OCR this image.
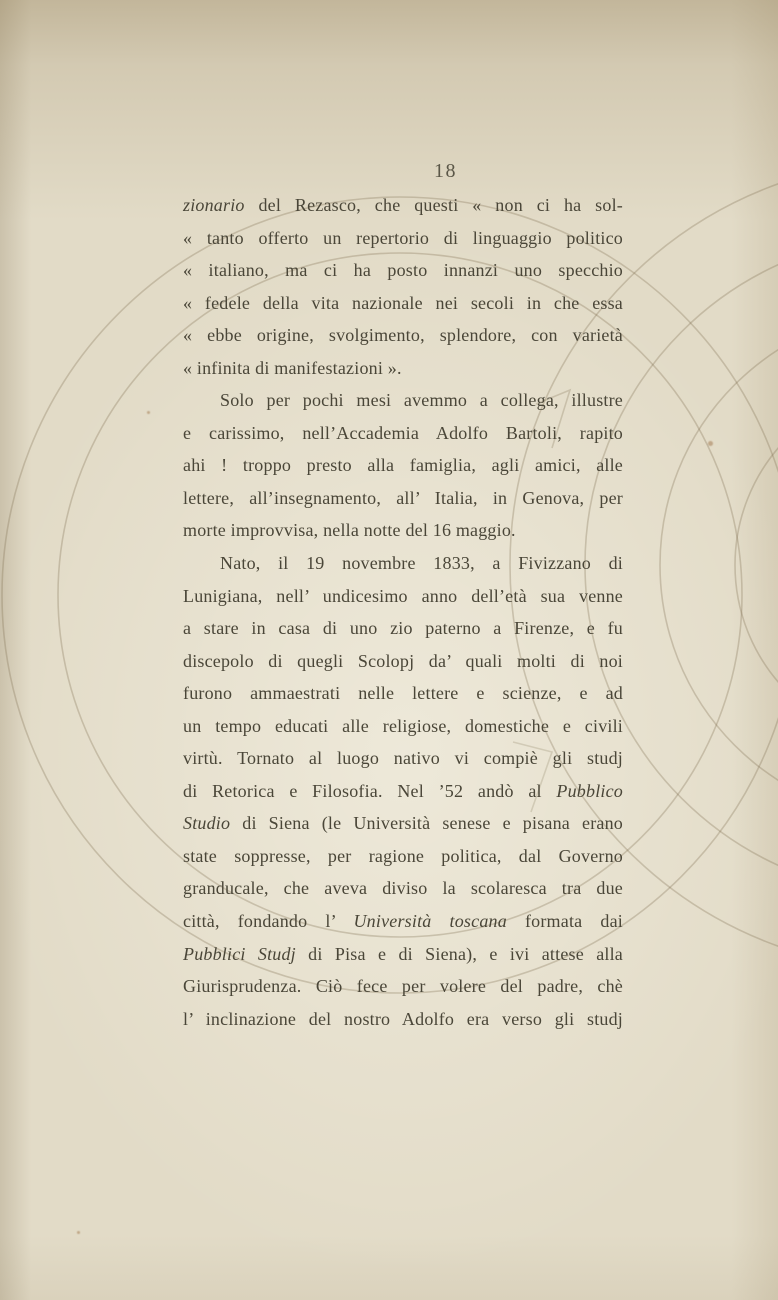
18
zionario del Rezasco, che questi « non ci ha sol-
« tanto offerto un repertorio di linguaggio politico
« italiano, ma ci ha posto innanzi uno specchio
« fedele della vita nazionale nei secoli in che essa
« ebbe origine, svolgimento, splendore, con varietà
« infinita di manifestazioni ».
Solo per pochi mesi avemmo a collega, illustre
e carissimo, nell’Accademia Adolfo Bartoli, rapito
ahi ! troppo presto alla famiglia, agli amici, alle
lettere, all’insegnamento, all’ Italia, in Genova, per
morte improvvisa, nella notte del 16 maggio.
Nato, il 19 novembre 1833, a Fivizzano di
Lunigiana, nell’ undicesimo anno dell’età sua venne
a stare in casa di uno zio paterno a Firenze, e fu
discepolo di quegli Scolopj da’ quali molti di noi
furono ammaestrati nelle lettere e scienze, e ad
un tempo educati alle religiose, domestiche e civili
virtù. Tornato al luogo nativo vi compiè gli studj
di Retorica e Filosofia. Nel ’52 andò al Pubblico
Studio di Siena (le Università senese e pisana erano
state soppresse, per ragione politica, dal Governo
granducale, che aveva diviso la scolaresca tra due
città, fondando l’ Università toscana formata dai
Pubblici Studj di Pisa e di Siena), e ivi attese alla
Giurisprudenza. Ciò fece per volere del padre, chè
l’ inclinazione del nostro Adolfo era verso gli studj
